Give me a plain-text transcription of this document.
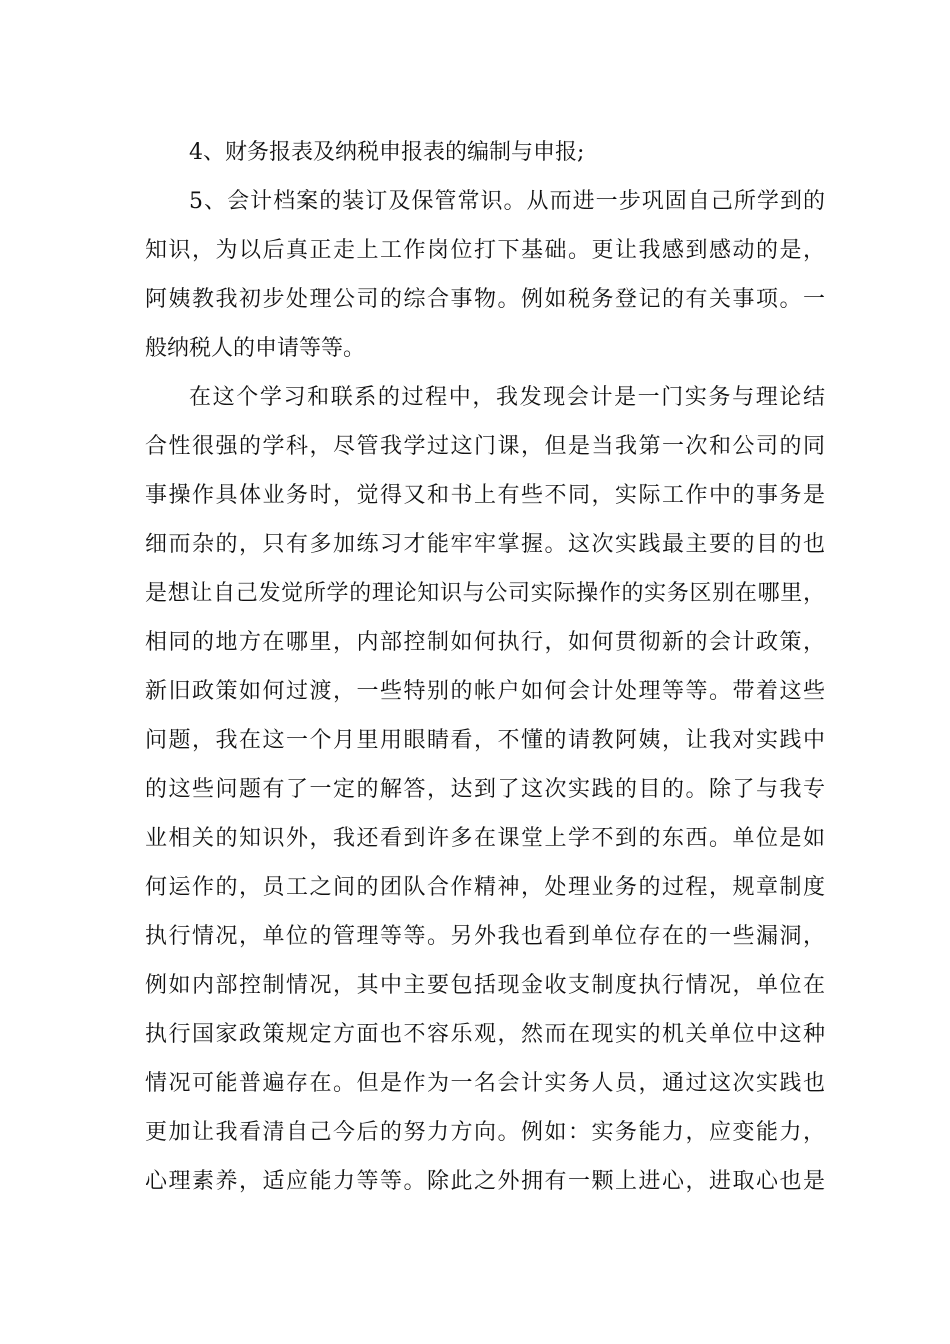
4、财务报表及纳税申报表的编制与申报;
5、会计档案的装订及保管常识。从而进一步巩固自己所学到的
知识，为以后真正走上工作岗位打下基础。更让我感到感动的是，
阿姨教我初步处理公司的综合事物。例如税务登记的有关事项。一
般纳税人的申请等等。
在这个学习和联系的过程中，我发现会计是一门实务与理论结
合性很强的学科，尽管我学过这门课，但是当我第一次和公司的同
事操作具体业务时，觉得又和书上有些不同，实际工作中的事务是
细而杂的，只有多加练习才能牢牢掌握。这次实践最主要的目的也
是想让自己发觉所学的理论知识与公司实际操作的实务区别在哪里，
相同的地方在哪里，内部控制如何执行，如何贯彻新的会计政策，
新旧政策如何过渡，一些特别的帐户如何会计处理等等。带着这些
问题，我在这一个月里用眼睛看，不懂的请教阿姨，让我对实践中
的这些问题有了一定的解答，达到了这次实践的目的。除了与我专
业相关的知识外，我还看到许多在课堂上学不到的东西。单位是如
何运作的，员工之间的团队合作精神，处理业务的过程，规章制度
执行情况，单位的管理等等。另外我也看到单位存在的一些漏洞，
例如内部控制情况，其中主要包括现金收支制度执行情况，单位在
执行国家政策规定方面也不容乐观，然而在现实的机关单位中这种
情况可能普遍存在。但是作为一名会计实务人员，通过这次实践也
更加让我看清自己今后的努力方向。例如：实务能力，应变能力，
心理素养，适应能力等等。除此之外拥有一颗上进心，进取心也是
